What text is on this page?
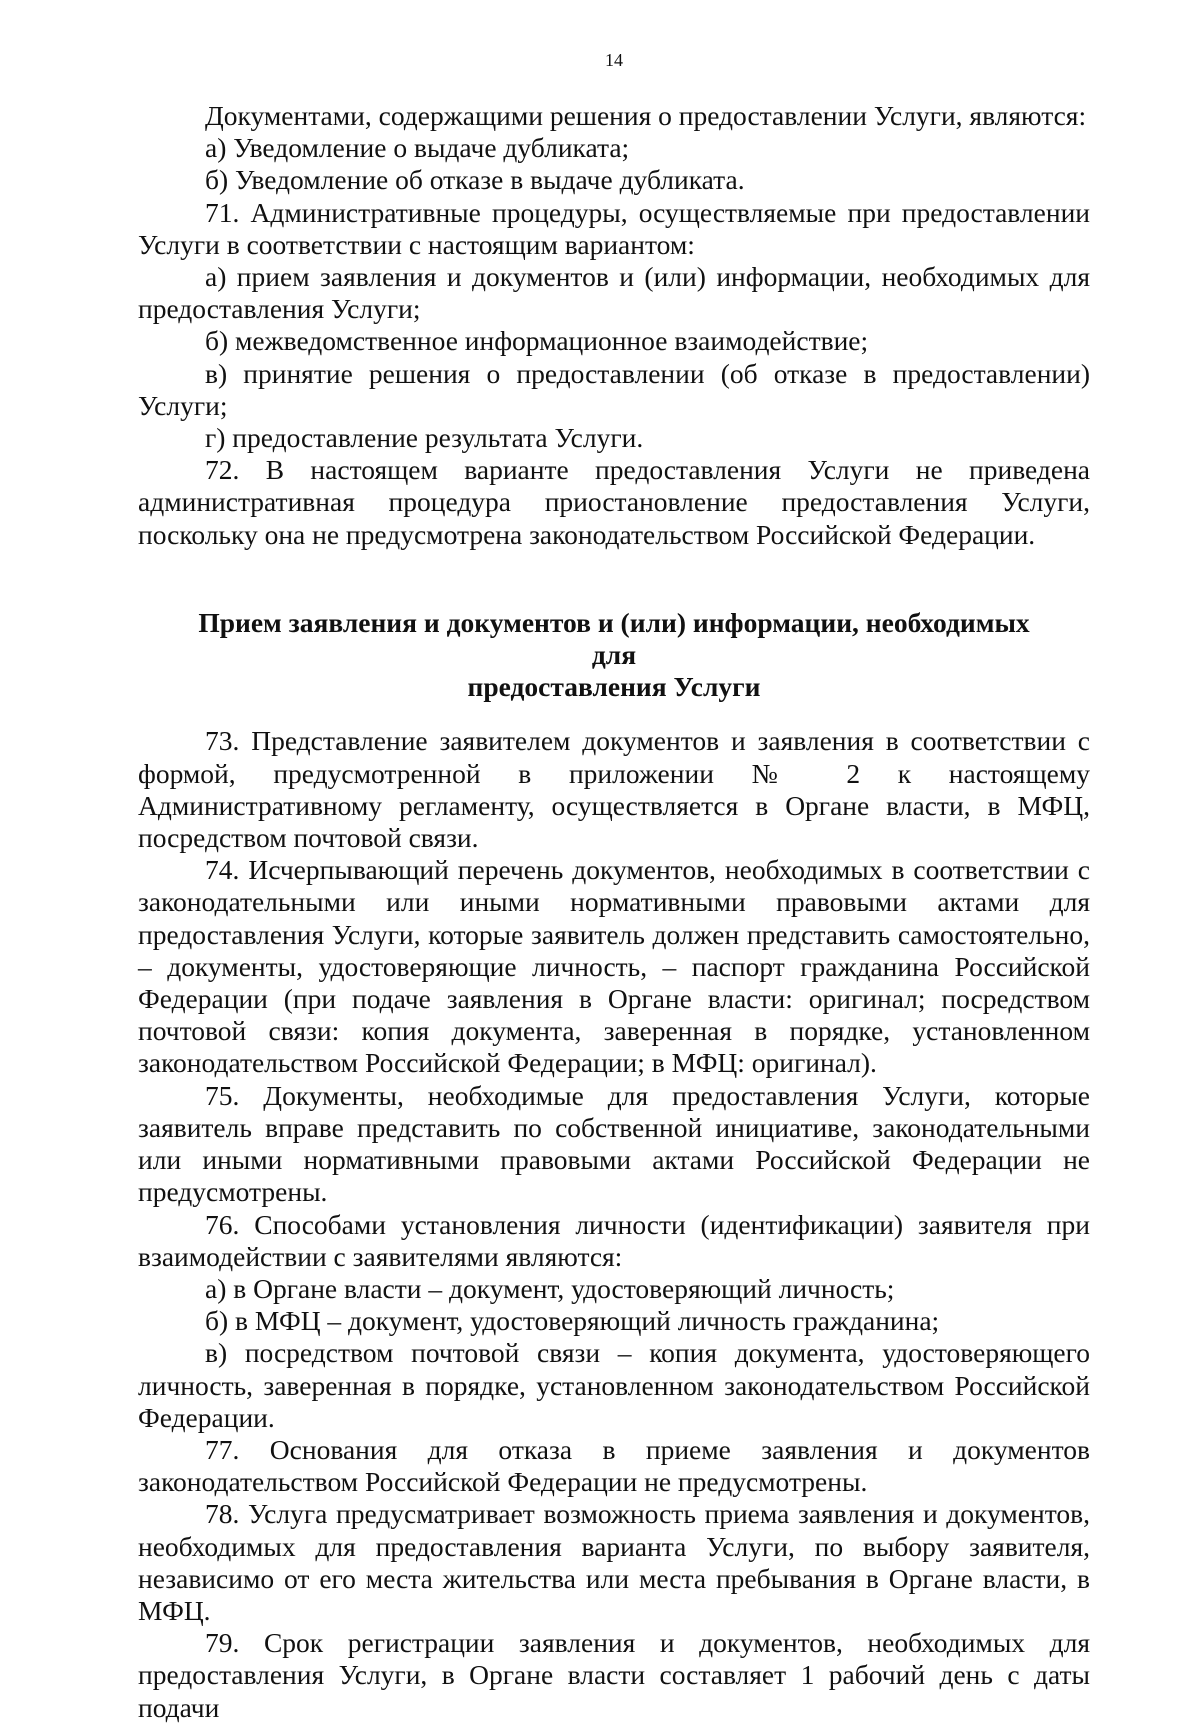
14

Документами, содержащими решения о предоставлении Услуги, являются:

а) Уведомление о выдаче дубликата;

б) Уведомление об отказе в выдаче дубликата.

71. Административные процедуры, осуществляемые при предоставлении Услуги в соответствии с настоящим вариантом:

а) прием заявления и документов и (или) информации, необходимых для предоставления Услуги;

б) межведомственное информационное взаимодействие;

в) принятие решения о предоставлении (об отказе в предоставлении) Услуги;

г) предоставление результата Услуги.

72. В настоящем варианте предоставления Услуги не приведена административная процедура приостановление предоставления Услуги, поскольку она не предусмотрена законодательством Российской Федерации.

Прием заявления и документов и (или) информации, необходимых для
предоставления Услуги

73. Представление заявителем документов и заявления в соответствии с формой, предусмотренной в приложении № 2 к настоящему Административному регламенту, осуществляется в Органе власти, в МФЦ, посредством почтовой связи.

74. Исчерпывающий перечень документов, необходимых в соответствии с законодательными или иными нормативными правовыми актами для предоставления Услуги, которые заявитель должен представить самостоятельно, – документы, удостоверяющие личность, – паспорт гражданина Российской Федерации (при подаче заявления в Органе власти: оригинал; посредством почтовой связи: копия документа, заверенная в порядке, установленном законодательством Российской Федерации; в МФЦ: оригинал).

75. Документы, необходимые для предоставления Услуги, которые заявитель вправе представить по собственной инициативе, законодательными или иными нормативными правовыми актами Российской Федерации не предусмотрены.

76. Способами установления личности (идентификации) заявителя при взаимодействии с заявителями являются:

а) в Органе власти – документ, удостоверяющий личность;

б) в МФЦ – документ, удостоверяющий личность гражданина;

в) посредством почтовой связи – копия документа, удостоверяющего личность, заверенная в порядке, установленном законодательством Российской Федерации.

77. Основания для отказа в приеме заявления и документов законодательством Российской Федерации не предусмотрены.

78. Услуга предусматривает возможность приема заявления и документов, необходимых для предоставления варианта Услуги, по выбору заявителя, независимо от его места жительства или места пребывания в Органе власти, в МФЦ.

79. Срок регистрации заявления и документов, необходимых для предоставления Услуги, в Органе власти составляет 1 рабочий день с даты подачи
